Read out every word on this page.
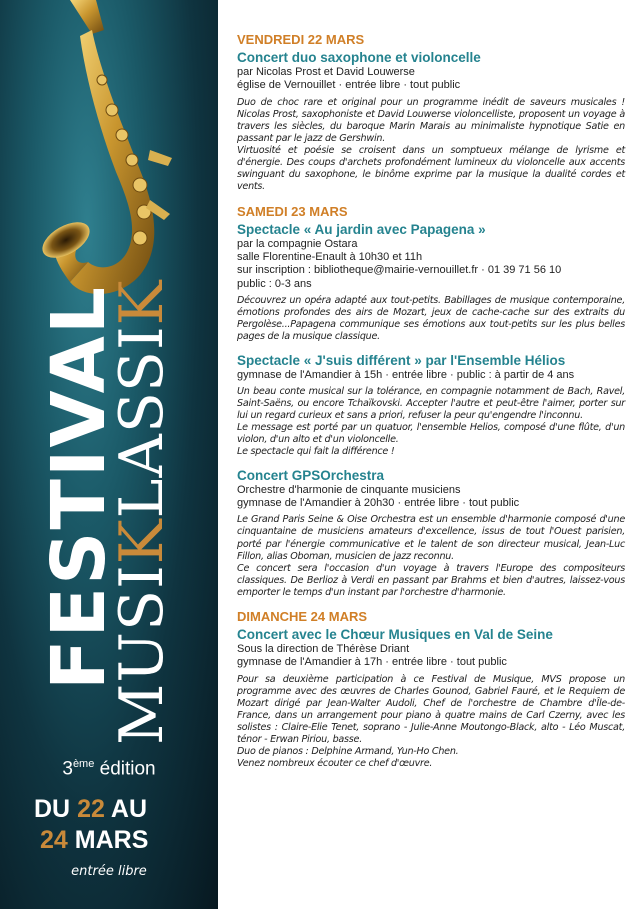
FESTIVAL
MUSIKLASSIK
3ème édition
DU 22 AU
24 MARS
entrée libre
VENDREDI 22 MARS
Concert duo saxophone et violoncelle

par Nicolas Prost et David Louwerse

église de Vernouillet · entrée libre · tout public

Duo de choc rare et original pour un programme inédit de saveurs musicales ! Nicolas Prost, saxophoniste et David Louwerse violoncelliste, proposent un voyage à travers les siècles, du baroque Marin Marais au minimaliste hypnotique Satie en passant par le jazz de Gershwin.

Virtuosité et poésie se croisent dans un somptueux mélange de lyrisme et d'énergie. Des coups d'archets profondément lumineux du violoncelle aux accents swinguant du saxophone, le binôme exprime par la musique la dualité cordes et vents.

SAMEDI 23 MARS
Spectacle « Au jardin avec Papagena »

par la compagnie Ostara

salle Florentine-Enault à 10h30 et 11h

sur inscription : bibliotheque@mairie-vernouillet.fr · 01 39 71 56 10

public : 0-3 ans

Découvrez un opéra adapté aux tout-petits. Babillages de musique contemporaine, émotions profondes des airs de Mozart, jeux de cache-cache sur des extraits du Pergolèse...Papagena communique ses émotions aux tout-petits sur les plus belles pages de la musique classique.

Spectacle « J'suis différent » par l'Ensemble Hélios

gymnase de l'Amandier à 15h · entrée libre · public : à partir de 4 ans

Un beau conte musical sur la tolérance, en compagnie notamment de Bach, Ravel, Saint-Saëns, ou encore Tchaïkovski. Accepter l'autre et peut-être l'aimer, porter sur lui un regard curieux et sans a priori, refuser la peur qu'engendre l'inconnu.

Le message est porté par un quatuor, l'ensemble Helios, composé d'une flûte, d'un violon, d'un alto et d'un violoncelle.

Le spectacle qui fait la différence !

Concert GPSOrchestra

Orchestre d'harmonie de cinquante musiciens

gymnase de l'Amandier à 20h30 · entrée libre · tout public

Le Grand Paris Seine & Oise Orchestra est un ensemble d'harmonie composé d'une cinquantaine de musiciens amateurs d'excellence, issus de tout l'Ouest parisien, porté par l'énergie communicative et le talent de son directeur musical, Jean-Luc Fillon, alias Oboman, musicien de jazz reconnu.

Ce concert sera l'occasion d'un voyage à travers l'Europe des compositeurs classiques. De Berlioz à Verdi en passant par Brahms et bien d'autres, laissez-vous emporter le temps d'un instant par l'orchestre d'harmonie.

DIMANCHE 24 MARS
Concert avec le Chœur Musiques en Val de Seine

Sous la direction de Thérèse Driant

gymnase de l'Amandier à 17h · entrée libre · tout public

Pour sa deuxième participation à ce Festival de Musique, MVS propose un programme avec des œuvres de Charles Gounod, Gabriel Fauré, et le Requiem de Mozart dirigé par Jean-Walter Audoli, Chef de l'orchestre de Chambre d'Île-de-France, dans un arrangement pour piano à quatre mains de Carl Czerny, avec les solistes : Claire-Elie Tenet, soprano - Julie-Anne Moutongo-Black, alto - Léo Muscat, ténor - Erwan Piriou, basse.

Duo de pianos : Delphine Armand, Yun-Ho Chen.

Venez nombreux écouter ce chef d'œuvre.
